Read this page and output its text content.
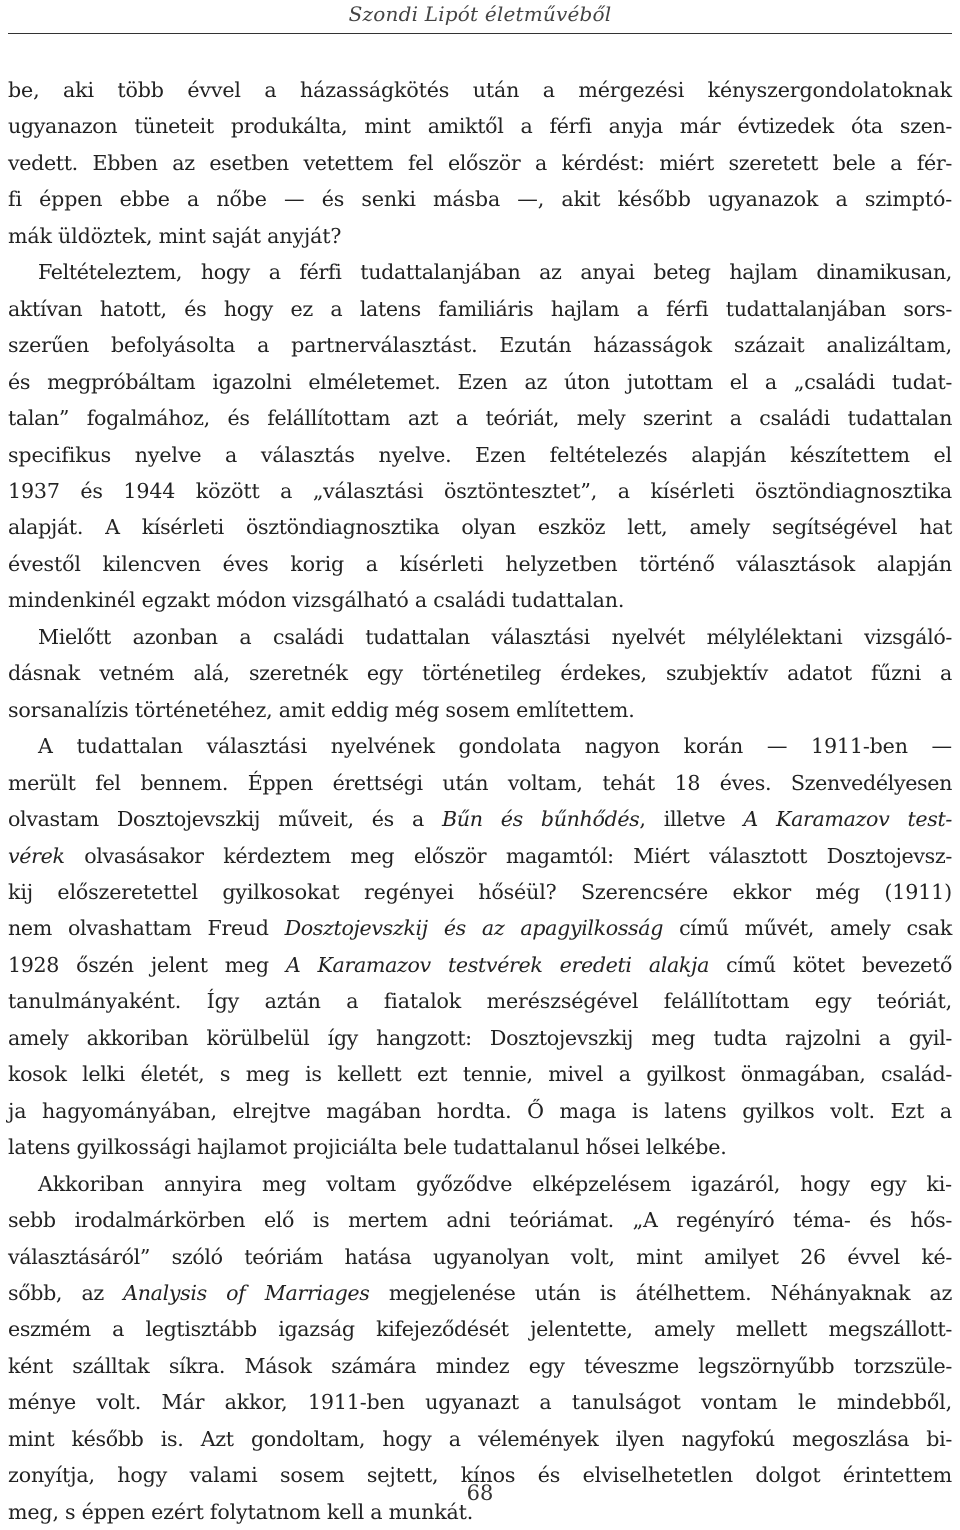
Szondi Lipót életművéből
be, aki több évvel a házasságkötés után a mérgezési kényszergondolatoknak
ugyanazon tüneteit produkálta, mint amiktől a férfi anyja már évtizedek óta szen-
vedett. Ebben az esetben vetettem fel először a kérdést: miért szeretett bele a fér-
fi éppen ebbe a nőbe — és senki másba —, akit később ugyanazok a szimptó-
mák üldöztek, mint saját anyját?
Feltételeztem, hogy a férfi tudattalanjában az anyai beteg hajlam dinamikusan,
aktívan hatott, és hogy ez a latens familiáris hajlam a férfi tudattalanjában sors-
szerűen befolyásolta a partnerválasztást. Ezután házasságok százait analizáltam,
és megpróbáltam igazolni elméletemet. Ezen az úton jutottam el a „családi tudat-
talan” fogalmához, és felállítottam azt a teóriát, mely szerint a családi tudattalan
specifikus nyelve a választás nyelve. Ezen feltételezés alapján készítettem el
1937 és 1944 között a „választási ösztöntesztet”, a kísérleti ösztöndiagnosztika
alapját. A kísérleti ösztöndiagnosztika olyan eszköz lett, amely segítségével hat
évestől kilencven éves korig a kísérleti helyzetben történő választások alapján
mindenkinél egzakt módon vizsgálható a családi tudattalan.
Mielőtt azonban a családi tudattalan választási nyelvét mélylélektani vizsgáló-
dásnak vetném alá, szeretnék egy történetileg érdekes, szubjektív adatot fűzni a
sorsanalízis történetéhez, amit eddig még sosem említettem.
A tudattalan választási nyelvének gondolata nagyon korán — 1911-ben —
merült fel bennem. Éppen érettségi után voltam, tehát 18 éves. Szenvedélyesen
olvastam Dosztojevszkij műveit, és a Bűn és bűnhődés, illetve A Karamazov test-
vérek olvasásakor kérdeztem meg először magamtól: Miért választott Dosztojevsz-
kij előszeretettel gyilkosokat regényei hőséül? Szerencsére ekkor még (1911)
nem olvashattam Freud Dosztojevszkij és az apagyilkosság című művét, amely csak
1928 őszén jelent meg A Karamazov testvérek eredeti alakja című kötet bevezető
tanulmányaként. Így aztán a fiatalok merészségével felállítottam egy teóriát,
amely akkoriban körülbelül így hangzott: Dosztojevszkij meg tudta rajzolni a gyil-
kosok lelki életét, s meg is kellett ezt tennie, mivel a gyilkost önmagában, család-
ja hagyományában, elrejtve magában hordta. Ő maga is latens gyilkos volt. Ezt a
latens gyilkossági hajlamot projiciálta bele tudattalanul hősei lelkébe.
Akkoriban annyira meg voltam győződve elképzelésem igazáról, hogy egy ki-
sebb irodalmárkörben elő is mertem adni teóriámat. „A regényíró téma- és hős-
választásáról” szóló teóriám hatása ugyanolyan volt, mint amilyet 26 évvel ké-
sőbb, az Analysis of Marriages megjelenése után is átélhettem. Néhányaknak az
eszmém a legtisztább igazság kifejeződését jelentette, amely mellett megszállott-
ként szálltak síkra. Mások számára mindez egy téveszme legszörnyűbb torzszüle-
ménye volt. Már akkor, 1911-ben ugyanazt a tanulságot vontam le mindebből,
mint később is. Azt gondoltam, hogy a vélemények ilyen nagyfokú megoszlása bi-
zonyítja, hogy valami sosem sejtett, kínos és elviselhetetlen dolgot érintettem
meg, s éppen ezért folytatnom kell a munkát.
68
